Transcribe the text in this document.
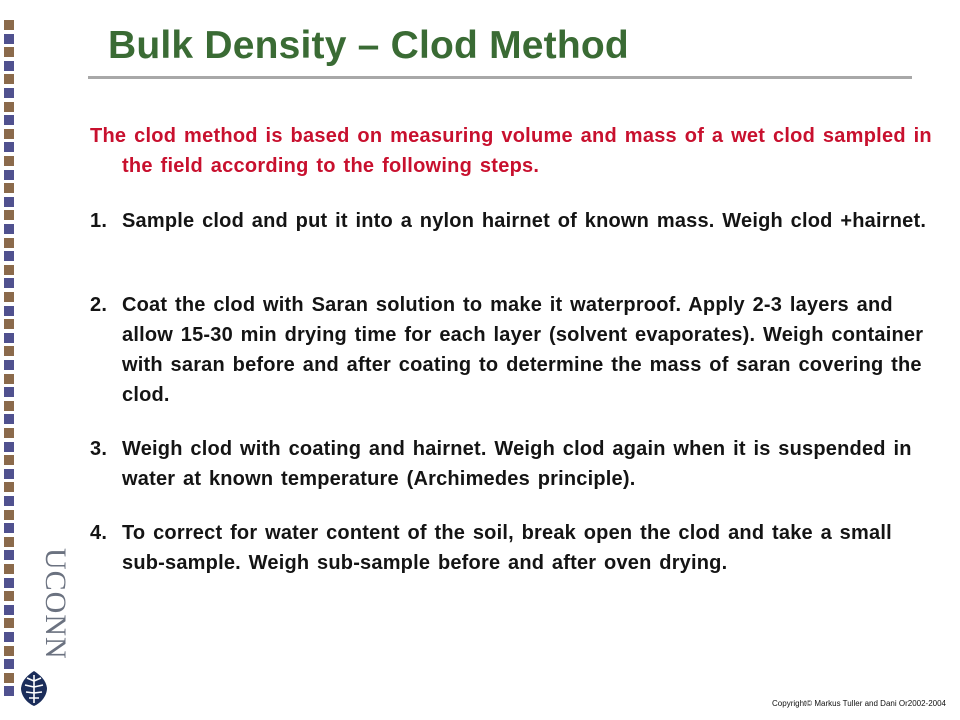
UCONN
Bulk Density – Clod Method

The clod method is based on measuring volume and mass of a wet clod sampled in the field according to the following steps.

1. Sample clod and put it into a nylon hairnet of known mass. Weigh clod +hairnet.
2. Coat the clod with Saran solution to make it waterproof. Apply 2-3 layers and allow 15-30 min drying time for each layer (solvent evaporates). Weigh container with saran before and after coating to determine the mass of saran covering the clod.
3. Weigh clod with coating and hairnet. Weigh clod again when it is suspended in water at known temperature (Archimedes principle).
4. To correct for water content of the soil, break open the clod and take a small sub-sample. Weigh sub-sample before and after oven drying.
Copyright© Markus Tuller and Dani Or2002-2004
